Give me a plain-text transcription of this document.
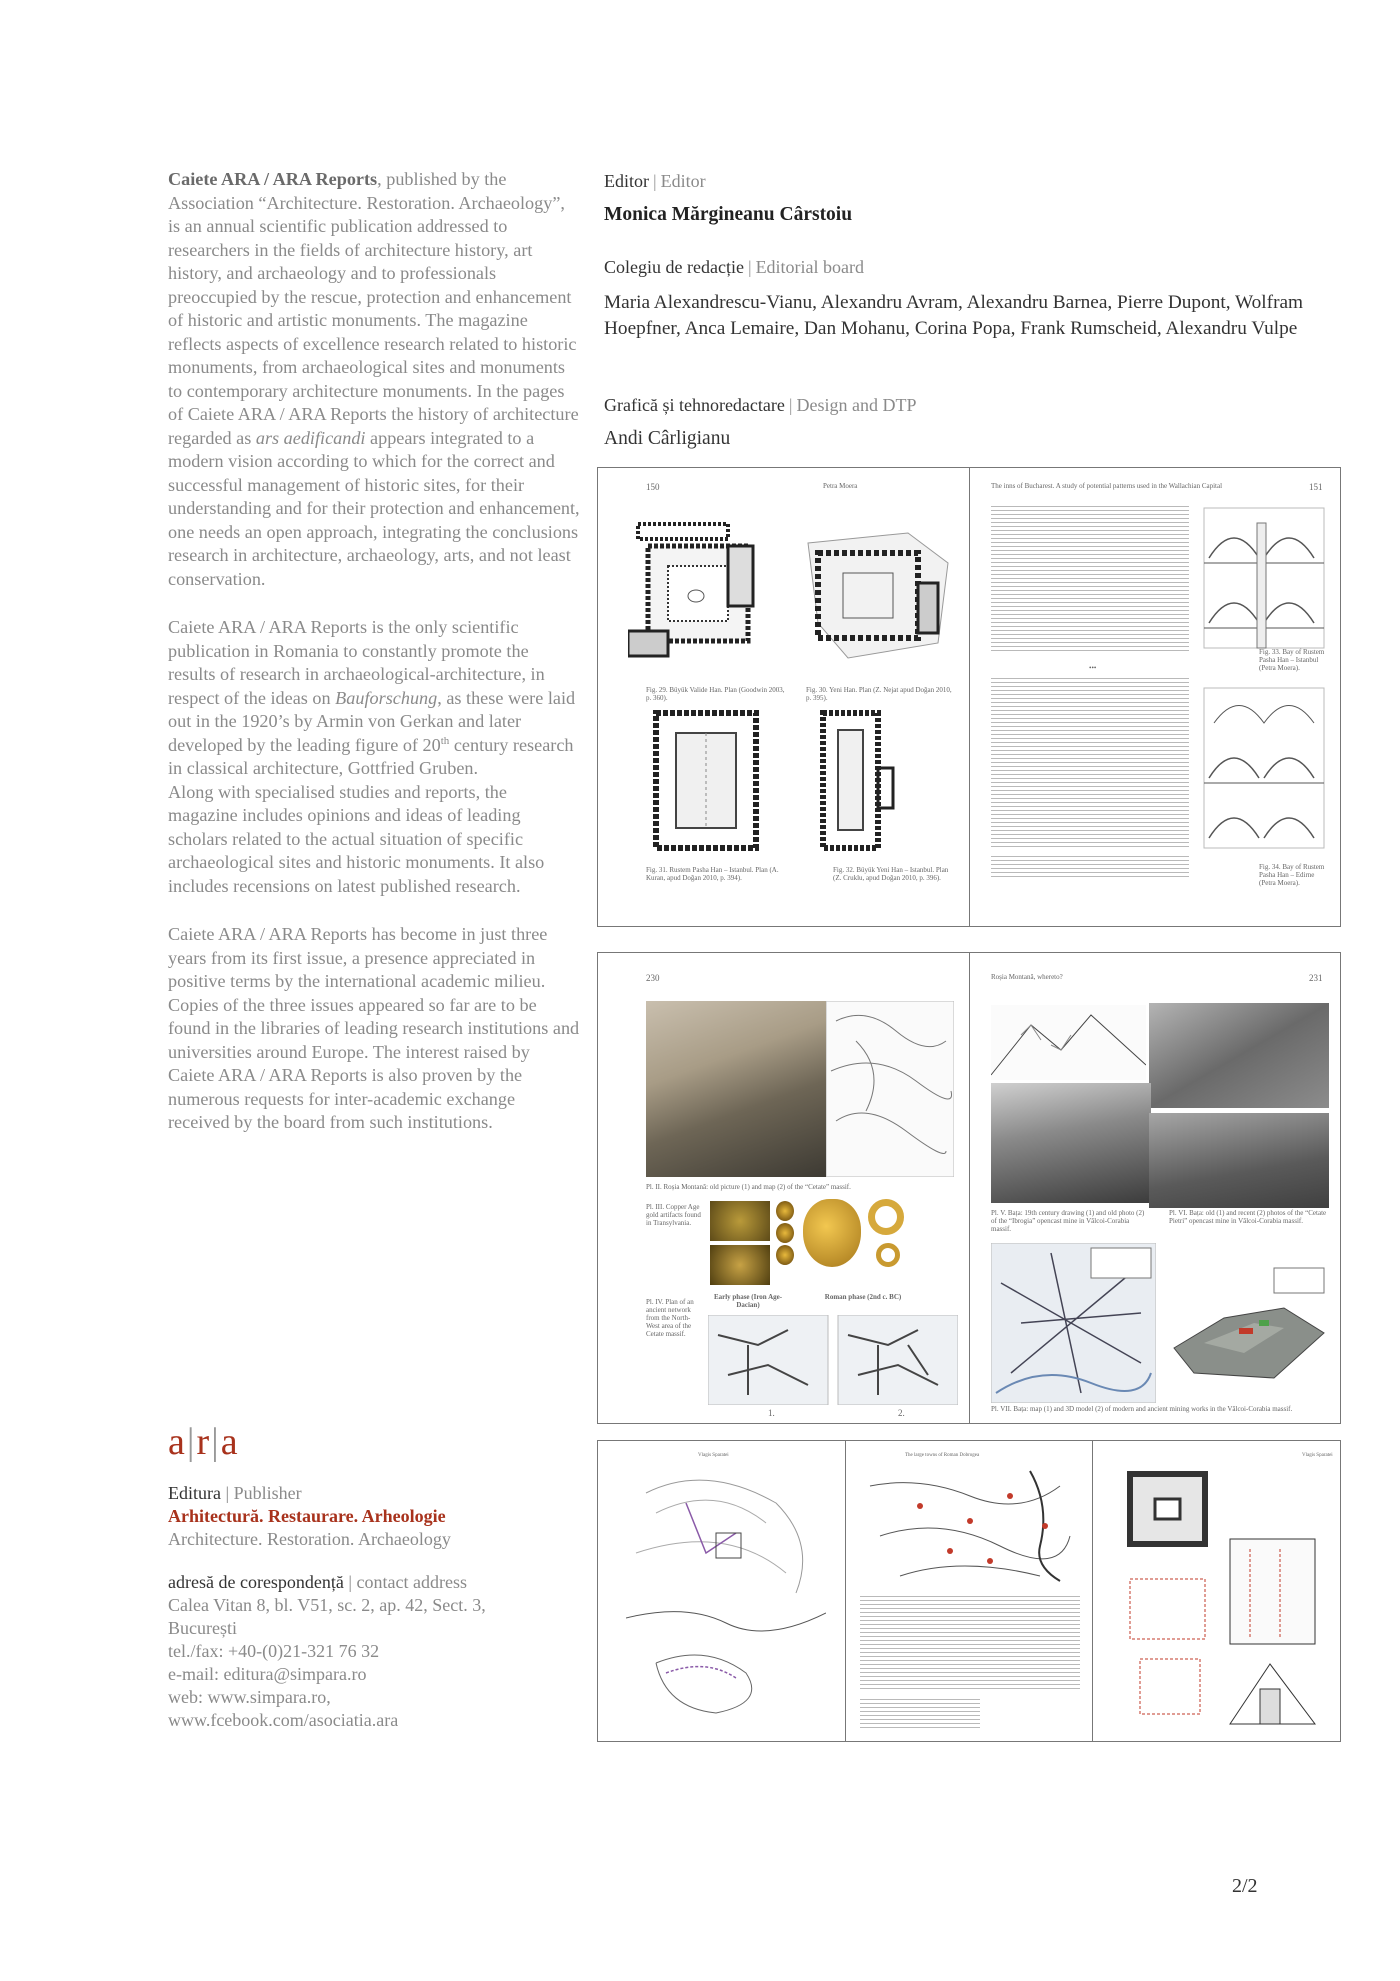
Caiete ARA / ARA Reports, published by the Association “Architecture. Restoration. Archaeology”, is an annual scientific publication addressed to researchers in the fields of architecture history, art history, and archaeology and to professionals preoccupied by the rescue, protection and enhancement of historic and artistic monuments. The magazine reflects aspects of excellence research related to historic monuments, from archaeological sites and monuments to contemporary architecture monuments. In the pages of Caiete ARA / ARA Reports the history of architecture regarded as ars aedificandi appears integrated to a modern vision according to which for the correct and successful management of historic sites, for their understanding and for their protection and enhancement, one needs an open approach, integrating the conclusions research in architecture, archaeology, arts, and not least conservation.

Caiete ARA / ARA Reports is the only scientific publication in Romania to constantly promote the results of research in archaeological-architecture, in respect of the ideas on Bauforschung, as these were laid out in the 1920’s by Armin von Gerkan and later developed by the leading figure of 20th century research in classical architecture, Gottfried Gruben.
Along with specialised studies and reports, the magazine includes opinions and ideas of leading scholars related to the actual situation of specific archaeological sites and historic monuments. It also includes recensions on latest published research.

Caiete ARA / ARA Reports has become in just three years from its first issue, a presence appreciated in positive terms by the international academic milieu. Copies of the three issues appeared so far are to be found in the libraries of leading research institutions and universities around Europe. The interest raised by Caiete ARA / ARA Reports is also proven by the numerous requests for inter-academic exchange received by the board from such institutions.

Editor | Editor
Monica Mărgineanu Cârstoiu
Colegiu de redacție | Editorial board
Maria Alexandrescu-Vianu, Alexandru Avram, Alexandru Barnea, Pierre Dupont, Wolfram Hoepfner, Anca Lemaire, Dan Mohanu, Corina Popa, Frank Rumscheid, Alexandru Vulpe
Grafică și tehnoredactare | Design and DTP
Andi Cârligianu
150	Petra Moera
Fig. 29. Büyük Valide Han. Plan (Goodwin 2003, p. 360).
Fig. 30. Yeni Han. Plan (Z. Nejat apud Doğan 2010, p. 395).
Fig. 31. Rustem Pasha Han – Istanbul. Plan (A. Kuran, apud Doğan 2010, p. 394).
Fig. 32. Büyük Yeni Han – Istanbul. Plan (Z. Cruklu, apud Doğan 2010, p. 396).
The inns of Bucharest. A study of potential patterns used in the Wallachian Capital	151
•••
Fig. 33. Bay of Rustem Pasha Han – Istanbul (Petra Moera).
Fig. 34. Bay of Rustem Pasha Han – Edirne (Petra Moera).
230
Pl. II. Roșia Montană: old picture (1) and map (2) of the “Cetate” massif.
Pl. III. Copper Age gold artifacts found in Transylvania.
Early phase (Iron Age-Dacian)
Roman phase (2nd c. BC)
Pl. IV. Plan of an ancient network from the North-West area of the Cetate massif.
1.	2.
Roșia Montană, whereto?	231
Pl. V. Bața: 19th century drawing (1) and old photo (2) of the “Ibrogia” opencast mine in Vâlcoi-Corabia massif.
Pl. VI. Bața: old (1) and recent (2) photos of the “Cetate Pietri” opencast mine in Vâlcoi-Corabia massif.
Pl. VII. Bața: map (1) and 3D model (2) of modern and ancient mining works in the Vâlcoi-Corabia massif.
Vlagis Sparatei	The large towns of Roman Dobrogea	Vlagis Sparatei
a|r|a
Editura | Publisher
Arhitectură. Restaurare. Arheologie
Architecture. Restoration. Archaeology
adresă de corespondență | contact address
Calea Vitan 8, bl. V51, sc. 2, ap. 42, Sect. 3,
București
tel./fax: +40-(0)21-321 76 32
e-mail: editura@simpara.ro
web: www.simpara.ro,
www.fcebook.com/asociatia.ara
2/2
